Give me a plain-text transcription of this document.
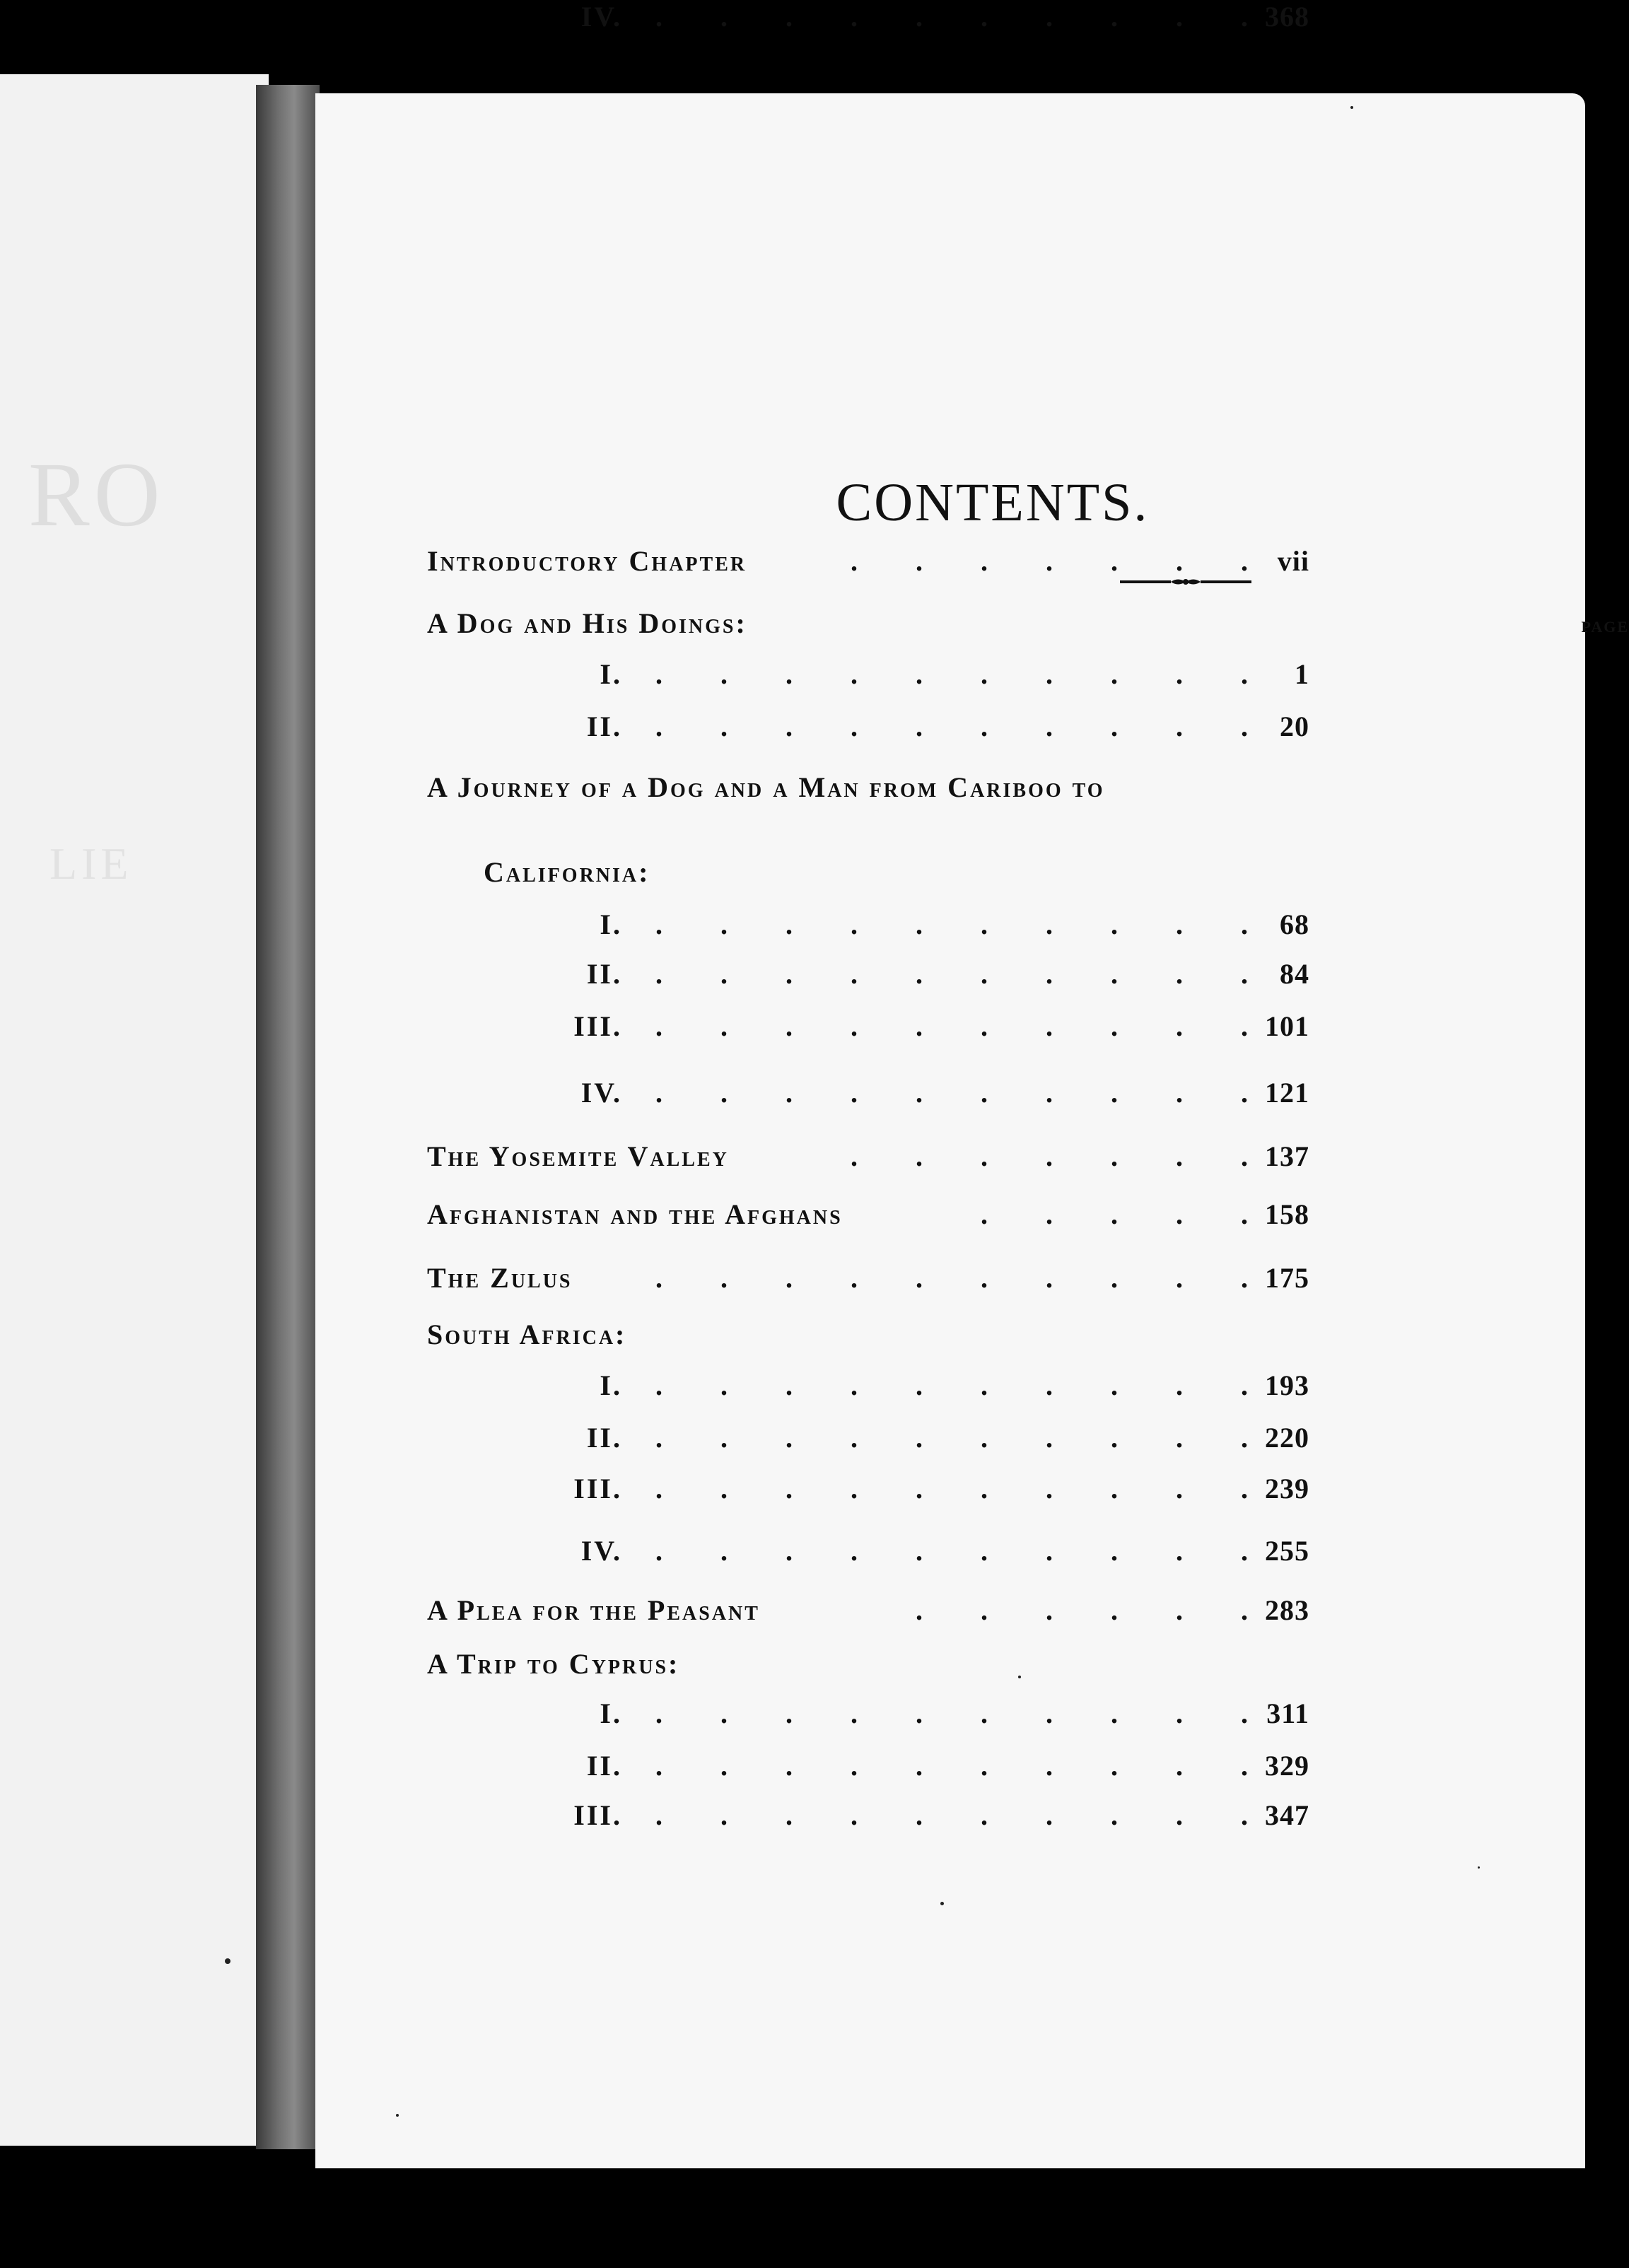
RO
LIE
CONTENTS.
PAGE
Introductory Chapter	. . . . . . .	vii
A Dog and His Doings:
I.	. . . . . . . . . .	1
II.	. . . . . . . . . .	20
A Journey of a Dog and a Man from Cariboo to
California:
I.	. . . . . . . . . .	68
II.	. . . . . . . . . .	84
III.	. . . . . . . . . . 101
IV.	. . . . . . . . . . 121
The Yosemite Valley	. . . . . . . 137
Afghanistan and the Afghans	. . . . . 158
The Zulus	. . . . . . . . . . 175
South Africa:
I.	. . . . . . . . . . 193
II.	. . . . . . . . . . 220
III.	. . . . . . . . . . 239
IV.	. . . . . . . . . . 255
A Plea for the Peasant	. . . . . . 283
A Trip to Cyprus:
I.	. . . . . . . . . . 311
II.	. . . . . . . . . . 329
III.	. . . . . . . . . . 347
IV.	. . . . . . . . . . 368
